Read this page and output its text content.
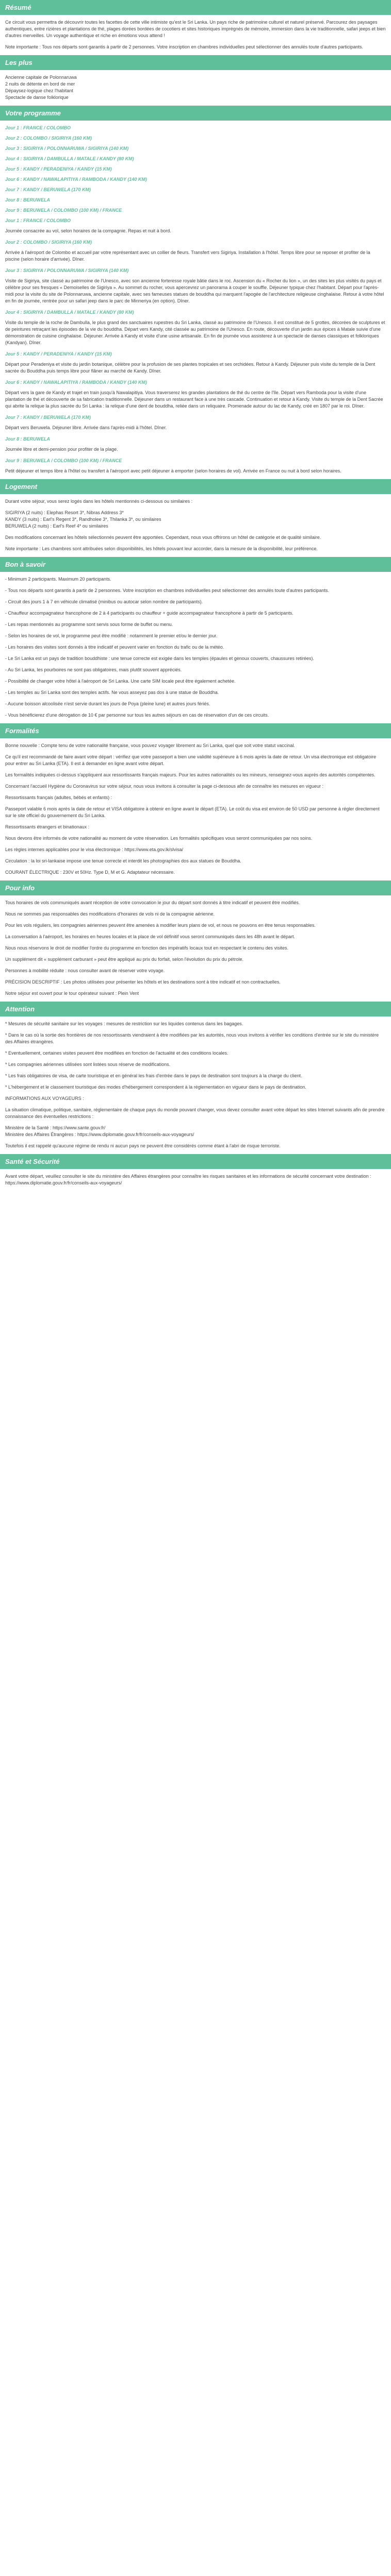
Résumé

Ce circuit vous permettra de découvrir toutes les facettes de cette ville intimiste qu'est le Sri Lanka. Un pays riche de patrimoine culturel et naturel préservé. Parcourez des paysages authentiques, entre rizières et plantations de thé, plages dorées bordées de cocotiers et sites historiques imprégnés de mémoire, immersion dans la vie traditionnelle, safari jeeps et bien d'autres merveilles. Un voyage authentique et riche en émotions vous attend !

Note importante : Tous nos départs sont garantis à partir de 2 personnes. Votre inscription en chambres individuelles peut sélectionner des annulés toute d'autres participants.

Les plus

Ancienne capitale de Polonnaruwa

2 nuits de détente en bord de mer

Dépaysez-logique chez l'habitant

Spectacle de danse folklorique

Votre programme
Jour 1 : FRANCE / COLOMBO
Jour 2 : COLOMBO / SIGIRIYA (160 KM)
Jour 3 : SIGIRIYA / POLONNARUWA / SIGIRIYA (140 KM)
Jour 4 : SIGIRIYA / DAMBULLA / MATALE / KANDY (80 KM)
Jour 5 : KANDY / PERADENIYA / KANDY (15 KM)
Jour 6 : KANDY / NAWALAPITIYA / RAMBODA / KANDY (140 KM)
Jour 7 : KANDY / BERUWELA (170 KM)
Jour 8 : BERUWELA
Jour 9 : BERUWELA / COLOMBO (100 KM) / FRANCE
Jour 1 : FRANCE / COLOMBO

Journée consacrée au vol, selon horaires de la compagnie. Repas et nuit à bord.

Jour 2 : COLOMBO / SIGIRIYA (160 KM)

Arrivée à l'aéroport de Colombo et accueil par votre représentant avec un collier de fleurs. Transfert vers Sigiriya. Installation à l'hôtel. Temps libre pour se reposer et profiter de la piscine (selon horaire d'arrivée). Dîner.

Jour 3 : SIGIRIYA / POLONNARUWA / SIGIRIYA (140 KM)

Visite de Sigiriya, site classé au patrimoine de l'Unesco, avec son ancienne forteresse royale bâtie dans le roc. Ascension du « Rocher du lion », un des sites les plus visités du pays et célèbre pour ses fresques « Demoiselles de Sigiriya ». Au sommet du rocher, vous apercevrez un panorama à couper le souffle. Déjeuner typique chez l'habitant. Départ pour l'après-midi pour la visite du site de Polonnaruwa, ancienne capitale, avec ses fameuses statues de bouddha qui marquent l'apogée de l'architecture religieuse cinghalaise. Retour à votre hôtel en fin de journée, rentrée pour un safari jeep dans le parc de Minneriya (en option). Dîner.

Jour 4 : SIGIRIYA / DAMBULLA / MATALE / KANDY (80 KM)

Visite du temple de la roche de Dambulla, le plus grand des sanctuaires rupestres du Sri Lanka, classé au patrimoine de l'Unesco. Il est constitué de 5 grottes, décorées de sculptures et de peintures retraçant les épisodes de la vie du bouddha. Départ vers Kandy, cité classée au patrimoine de l'Unesco. En route, découverte d'un jardin aux épices à Matale suivie d'une démonstration de cuisine cinghalaise. Déjeuner. Arrivée à Kandy et visite d'une usine artisanale. En fin de journée vous assisterez à un spectacle de danses classiques et folkloriques (Kandyan). Dîner.

Jour 5 : KANDY / PERADENIYA / KANDY (15 KM)

Départ pour Peradeniya et visite du jardin botanique, célèbre pour la profusion de ses plantes tropicales et ses orchidées. Retour à Kandy. Déjeuner puis visite du temple de la Dent sacrée du Bouddha puis temps libre pour flâner au marché de Kandy. Dîner.

Jour 6 : KANDY / NAWALAPITIYA / RAMBODA / KANDY (140 KM)

Départ vers la gare de Kandy et trajet en train jusqu'à Nawalapitiya. Vous traverserez les grandes plantations de thé du centre de l'île. Départ vers Ramboda pour la visite d'une plantation de thé et découverte de sa fabrication traditionnelle. Déjeuner dans un restaurant face à une très cascade. Continuation et retour à Kandy. Visite du temple de la Dent Sacrée qui abrite la relique la plus sacrée du Sri Lanka : la relique d'une dent de bouddha, reliée dans un reliquaire. Promenade autour du lac de Kandy, créé en 1807 par le roi. Dîner.

Jour 7 : KANDY / BERUWELA (170 KM)

Départ vers Beruwela. Déjeuner libre. Arrivée dans l'après-midi à l'hôtel. Dîner.

Jour 8 : BERUWELA

Journée libre et demi-pension pour profiter de la plage.

Jour 9 : BERUWELA / COLOMBO (100 KM) / FRANCE

Petit déjeuner et temps libre à l'hôtel ou transfert à l'aéroport avec petit déjeuner à emporter (selon horaires de vol). Arrivée en France ou nuit à bord selon horaires.

Logement

Durant votre séjour, vous serez logés dans les hôtels mentionnés ci-dessous ou similaires :

SIGIRIYA (2 nuits) : Elephas Resort 3*, Nibras Address 3*
KANDY (3 nuits) : Earl's Regent 3*, Randholee 3*, Thilanka 3*, ou similaires
BERUWELA (2 nuits) : Earl's Reef 4* ou similaires

Des modifications concernant les hôtels sélectionnés peuvent être apportées. Cependant, nous vous offrirons un hôtel de catégorie et de qualité similaire.

Note importante : Les chambres sont attribuées selon disponibilités, les hôtels pouvant leur accorder, dans la mesure de la disponibilité, leur préférence.

Bon à savoir

- Minimum 2 participants. Maximum 20 participants.

- Tous nos départs sont garantis à partir de 2 personnes. Votre inscription en chambres individuelles peut sélectionner des annulés toute d'autres participants.

- Circuit des jours 1 à 7 en véhicule climatisé (minibus ou autocar selon nombre de participants).

- Chauffeur accompagnateur francophone de 2 à 4 participants ou chauffeur + guide accompagnateur francophone à partir de 5 participants.

- Les repas mentionnés au programme sont servis sous forme de buffet ou menu.

- Selon les horaires de vol, le programme peut être modifié : notamment le premier et/ou le dernier jour.

- Les horaires des visites sont donnés à titre indicatif et peuvent varier en fonction du trafic ou de la météo.

- Le Sri Lanka est un pays de tradition bouddhiste : une tenue correcte est exigée dans les temples (épaules et genoux couverts, chaussures retirées).

- Au Sri Lanka, les pourboires ne sont pas obligatoires, mais plutôt souvent appréciés.

- Possibilité de changer votre hôtel à l'aéroport de Sri Lanka. Une carte SIM locale peut être également achetée.

- Les temples au Sri Lanka sont des temples actifs. Ne vous asseyez pas dos à une statue de Bouddha.

- Aucune boisson alcoolisée n'est servie durant les jours de Poya (pleine lune) et autres jours fériés.

- Vous bénéficierez d'une dérogation de 10 € par personne sur tous les autres séjours en cas de réservation d'un de ces circuits.

Formalités

Bonne nouvelle : Compte tenu de votre nationalité française, vous pouvez voyager librement au Sri Lanka, quel que soit votre statut vaccinal.

Ce qu'il est recommandé de faire avant votre départ : vérifiez que votre passeport a bien une validité supérieure à 6 mois après la date de retour. Un visa électronique est obligatoire pour entrer au Sri Lanka (ETA). Il est à demander en ligne avant votre départ.

Les formalités indiquées ci-dessus s'appliquent aux ressortissants français majeurs. Pour les autres nationalités ou les mineurs, renseignez-vous auprès des autorités compétentes.

Concernant l'accueil Hygiène du Coronavirus sur votre séjour, nous vous invitons à consulter la page ci-dessous afin de connaître les mesures en vigueur :

Ressortissants français (adultes, bébés et enfants) :

Passeport valable 6 mois après la date de retour et VISA obligatoire à obtenir en ligne avant le départ (ETA). Le coût du visa est environ de 50 USD par personne à régler directement sur le site officiel du gouvernement du Sri Lanka.

Ressortissants étrangers et binationaux :

Nous devons être informés de votre nationalité au moment de votre réservation. Les formalités spécifiques vous seront communiquées par nos soins.

Les règles internes applicables pour le visa électronique : https://www.eta.gov.lk/slvisa/

Circulation : la loi sri-lankaise impose une tenue correcte et interdit les photographies dos aux statues de Bouddha.

COURANT ÉLECTRIQUE : 230V et 50Hz. Type D, M et G. Adaptateur nécessaire.

Pour info

Tous horaires de vols communiqués avant réception de votre convocation le jour du départ sont donnés à titre indicatif et peuvent être modifiés.

Nous ne sommes pas responsables des modifications d'horaires de vols ni de la compagnie aérienne.

Pour les vols réguliers, les compagnies aériennes peuvent être amenées à modifier leurs plans de vol, et nous ne pouvons en être tenus responsables.

La conversation à l'aéroport, les horaires en heures locales et la place de vol définitif vous seront communiqués dans les 48h avant le départ.

Nous nous réservons le droit de modifier l'ordre du programme en fonction des impératifs locaux tout en respectant le contenu des visites.

Un supplément dit « supplément carburant » peut être appliqué au prix du forfait, selon l'évolution du prix du pétrole.

Personnes à mobilité réduite : nous consulter avant de réserver votre voyage.

PRÉCISION DESCRIPTIF : Les photos utilisées pour présenter les hôtels et les destinations sont à titre indicatif et non contractuelles.

Notre séjour est ouvert pour le tour opérateur suivant : Plein Vent

Attention

* Mesures de sécurité sanitaire sur les voyages : mesures de restriction sur les liquides contenus dans les bagages.

* Dans le cas où la sortie des frontières de nos ressortissants viendraient à être modifiées par les autorités, nous vous invitons à vérifier les conditions d'entrée sur le site du ministère des Affaires étrangères.

* Eventuellement, certaines visites peuvent être modifiées en fonction de l'actualité et des conditions locales.

* Les compagnies aériennes utilisées sont listées sous réserve de modifications.

* Les frais obligatoires de visa, de carte touristique et en général les frais d'entrée dans le pays de destination sont toujours à la charge du client.

* L'hébergement et le classement touristique des modes d'hébergement correspondent à la réglementation en vigueur dans le pays de destination.

INFORMATIONS AUX VOYAGEURS :

La situation climatique, politique, sanitaire, réglementaire de chaque pays du monde pouvant changer, vous devez consulter avant votre départ les sites Internet suivants afin de prendre connaissance des éventuelles restrictions :

Ministère de la Santé : https://www.sante.gouv.fr/
Ministère des Affaires Étrangères : https://www.diplomatie.gouv.fr/fr/conseils-aux-voyageurs/

Toutefois il est rappelé qu'aucune régime de rendu ni aucun pays ne peuvent être considérés comme étant à l'abri de risque terroriste.

Santé et Sécurité

Avant votre départ, veuillez consulter le site du ministère des Affaires étrangères pour connaître les risques sanitaires et les informations de sécurité concernant votre destination : https://www.diplomatie.gouv.fr/fr/conseils-aux-voyageurs/
